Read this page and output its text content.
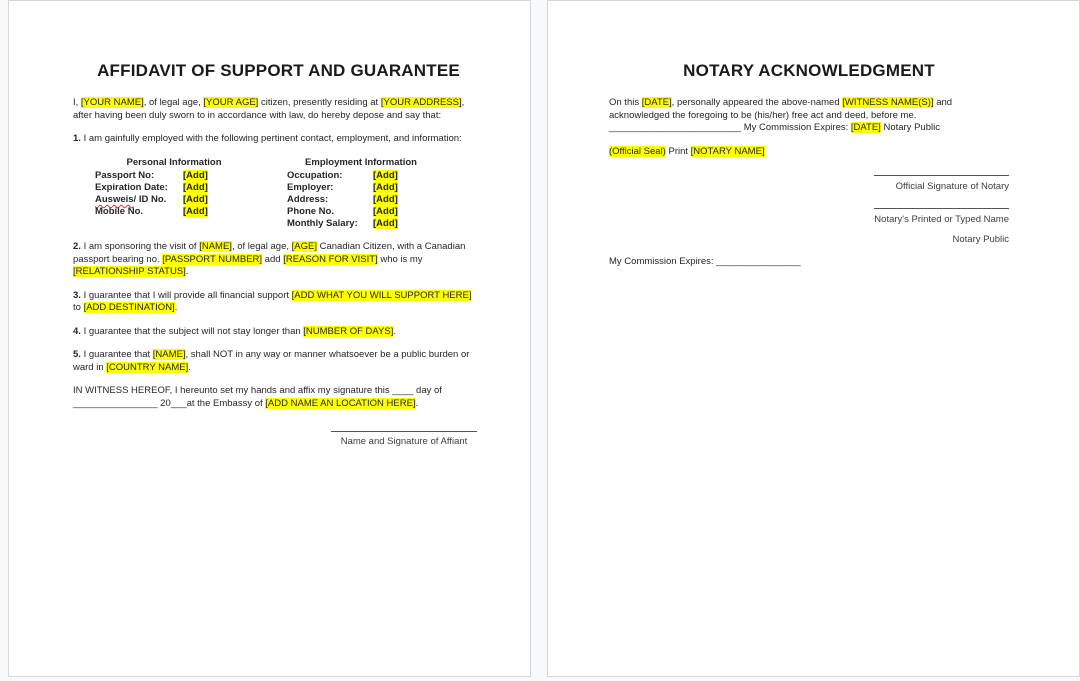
AFFIDAVIT OF SUPPORT AND GUARANTEE
I, [YOUR NAME], of legal age, [YOUR AGE] citizen, presently residing at [YOUR ADDRESS],
after having been duly sworn to in accordance with law, do hereby depose and say that:
1. I am gainfully employed with the following pertinent contact, employment, and information:
Personal Information
Passport No:	[Add]
Expiration Date:	[Add]
Ausweis/ ID No.	[Add]
Mobile No.	[Add]
Employment Information
Occupation:	[Add]
Employer:	[Add]
Address:	[Add]
Phone No.	[Add]
Monthly Salary:	[Add]
2. I am sponsoring the visit of [NAME], of legal age, [AGE] Canadian Citizen, with a Canadian
passport bearing no. [PASSPORT NUMBER] add [REASON FOR VISIT] who is my
[RELATIONSHIP STATUS].
3. I guarantee that I will provide all financial support [ADD WHAT YOU WILL SUPPORT HERE]
to [ADD DESTINATION].
4. I guarantee that the subject will not stay longer than [NUMBER OF DAYS].
5. I guarantee that [NAME], shall NOT in any way or manner whatsoever be a public burden or
ward in [COUNTRY NAME].
IN WITNESS HEREOF, I hereunto set my hands and affix my signature this ____ day of
________________ 20___at the Embassy of [ADD NAME AN LOCATION HERE].
Name and Signature of Affiant
NOTARY ACKNOWLEDGMENT
On this [DATE], personally appeared the above-named [WITNESS NAME(S)] and
acknowledged the foregoing to be (his/her) free act and deed, before me.
_________________________ My Commission Expires: [DATE] Notary Public
(Official Seal) Print [NOTARY NAME]
Official Signature of Notary
Notary's Printed or Typed Name
Notary Public
My Commission Expires: ________________
